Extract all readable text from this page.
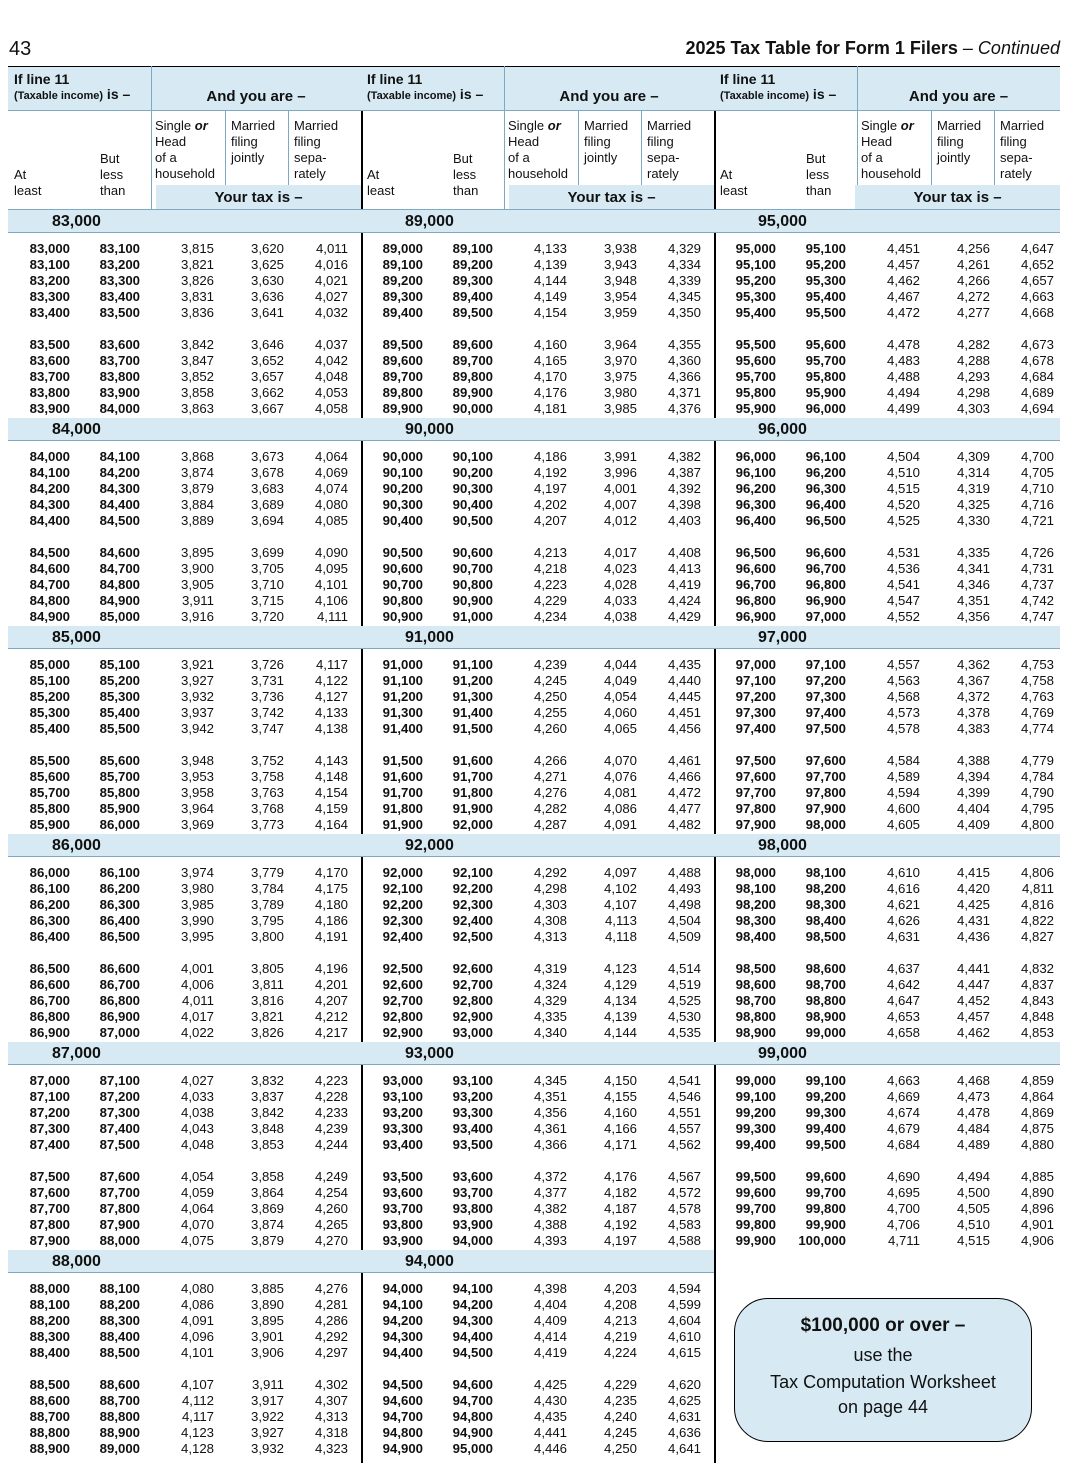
43	2025 Tax Table for Form 1 Filers – Continued
If line 11
(Taxable income) is –	And you are –
At
least
But
less
than
Single or
Head
of a
household
Married
filing
jointly
Married
filing
sepa-
rately
Your tax is –
83,000
83,000	83,100	3,815	3,620	4,011
83,100	83,200	3,821	3,625	4,016
83,200	83,300	3,826	3,630	4,021
83,300	83,400	3,831	3,636	4,027
83,400	83,500	3,836	3,641	4,032
83,500	83,600	3,842	3,646	4,037
83,600	83,700	3,847	3,652	4,042
83,700	83,800	3,852	3,657	4,048
83,800	83,900	3,858	3,662	4,053
83,900	84,000	3,863	3,667	4,058
84,000
84,000	84,100	3,868	3,673	4,064
84,100	84,200	3,874	3,678	4,069
84,200	84,300	3,879	3,683	4,074
84,300	84,400	3,884	3,689	4,080
84,400	84,500	3,889	3,694	4,085
84,500	84,600	3,895	3,699	4,090
84,600	84,700	3,900	3,705	4,095
84,700	84,800	3,905	3,710	4,101
84,800	84,900	3,911	3,715	4,106
84,900	85,000	3,916	3,720	4,111
85,000
85,000	85,100	3,921	3,726	4,117
85,100	85,200	3,927	3,731	4,122
85,200	85,300	3,932	3,736	4,127
85,300	85,400	3,937	3,742	4,133
85,400	85,500	3,942	3,747	4,138
85,500	85,600	3,948	3,752	4,143
85,600	85,700	3,953	3,758	4,148
85,700	85,800	3,958	3,763	4,154
85,800	85,900	3,964	3,768	4,159
85,900	86,000	3,969	3,773	4,164
86,000
86,000	86,100	3,974	3,779	4,170
86,100	86,200	3,980	3,784	4,175
86,200	86,300	3,985	3,789	4,180
86,300	86,400	3,990	3,795	4,186
86,400	86,500	3,995	3,800	4,191
86,500	86,600	4,001	3,805	4,196
86,600	86,700	4,006	3,811	4,201
86,700	86,800	4,011	3,816	4,207
86,800	86,900	4,017	3,821	4,212
86,900	87,000	4,022	3,826	4,217
87,000
87,000	87,100	4,027	3,832	4,223
87,100	87,200	4,033	3,837	4,228
87,200	87,300	4,038	3,842	4,233
87,300	87,400	4,043	3,848	4,239
87,400	87,500	4,048	3,853	4,244
87,500	87,600	4,054	3,858	4,249
87,600	87,700	4,059	3,864	4,254
87,700	87,800	4,064	3,869	4,260
87,800	87,900	4,070	3,874	4,265
87,900	88,000	4,075	3,879	4,270
88,000
88,000	88,100	4,080	3,885	4,276
88,100	88,200	4,086	3,890	4,281
88,200	88,300	4,091	3,895	4,286
88,300	88,400	4,096	3,901	4,292
88,400	88,500	4,101	3,906	4,297
88,500	88,600	4,107	3,911	4,302
88,600	88,700	4,112	3,917	4,307
88,700	88,800	4,117	3,922	4,313
88,800	88,900	4,123	3,927	4,318
88,900	89,000	4,128	3,932	4,323
If line 11
(Taxable income) is –	And you are –
At
least
But
less
than
Single or
Head
of a
household
Married
filing
jointly
Married
filing
sepa-
rately
Your tax is –
89,000
89,000	89,100	4,133	3,938	4,329
89,100	89,200	4,139	3,943	4,334
89,200	89,300	4,144	3,948	4,339
89,300	89,400	4,149	3,954	4,345
89,400	89,500	4,154	3,959	4,350
89,500	89,600	4,160	3,964	4,355
89,600	89,700	4,165	3,970	4,360
89,700	89,800	4,170	3,975	4,366
89,800	89,900	4,176	3,980	4,371
89,900	90,000	4,181	3,985	4,376
90,000
90,000	90,100	4,186	3,991	4,382
90,100	90,200	4,192	3,996	4,387
90,200	90,300	4,197	4,001	4,392
90,300	90,400	4,202	4,007	4,398
90,400	90,500	4,207	4,012	4,403
90,500	90,600	4,213	4,017	4,408
90,600	90,700	4,218	4,023	4,413
90,700	90,800	4,223	4,028	4,419
90,800	90,900	4,229	4,033	4,424
90,900	91,000	4,234	4,038	4,429
91,000
91,000	91,100	4,239	4,044	4,435
91,100	91,200	4,245	4,049	4,440
91,200	91,300	4,250	4,054	4,445
91,300	91,400	4,255	4,060	4,451
91,400	91,500	4,260	4,065	4,456
91,500	91,600	4,266	4,070	4,461
91,600	91,700	4,271	4,076	4,466
91,700	91,800	4,276	4,081	4,472
91,800	91,900	4,282	4,086	4,477
91,900	92,000	4,287	4,091	4,482
92,000
92,000	92,100	4,292	4,097	4,488
92,100	92,200	4,298	4,102	4,493
92,200	92,300	4,303	4,107	4,498
92,300	92,400	4,308	4,113	4,504
92,400	92,500	4,313	4,118	4,509
92,500	92,600	4,319	4,123	4,514
92,600	92,700	4,324	4,129	4,519
92,700	92,800	4,329	4,134	4,525
92,800	92,900	4,335	4,139	4,530
92,900	93,000	4,340	4,144	4,535
93,000
93,000	93,100	4,345	4,150	4,541
93,100	93,200	4,351	4,155	4,546
93,200	93,300	4,356	4,160	4,551
93,300	93,400	4,361	4,166	4,557
93,400	93,500	4,366	4,171	4,562
93,500	93,600	4,372	4,176	4,567
93,600	93,700	4,377	4,182	4,572
93,700	93,800	4,382	4,187	4,578
93,800	93,900	4,388	4,192	4,583
93,900	94,000	4,393	4,197	4,588
94,000
94,000	94,100	4,398	4,203	4,594
94,100	94,200	4,404	4,208	4,599
94,200	94,300	4,409	4,213	4,604
94,300	94,400	4,414	4,219	4,610
94,400	94,500	4,419	4,224	4,615
94,500	94,600	4,425	4,229	4,620
94,600	94,700	4,430	4,235	4,625
94,700	94,800	4,435	4,240	4,631
94,800	94,900	4,441	4,245	4,636
94,900	95,000	4,446	4,250	4,641
If line 11
(Taxable income) is –	And you are –
At
least
But
less
than
Single or
Head
of a
household
Married
filing
jointly
Married
filing
sepa-
rately
Your tax is –
95,000
95,000	95,100	4,451	4,256	4,647
95,100	95,200	4,457	4,261	4,652
95,200	95,300	4,462	4,266	4,657
95,300	95,400	4,467	4,272	4,663
95,400	95,500	4,472	4,277	4,668
95,500	95,600	4,478	4,282	4,673
95,600	95,700	4,483	4,288	4,678
95,700	95,800	4,488	4,293	4,684
95,800	95,900	4,494	4,298	4,689
95,900	96,000	4,499	4,303	4,694
96,000
96,000	96,100	4,504	4,309	4,700
96,100	96,200	4,510	4,314	4,705
96,200	96,300	4,515	4,319	4,710
96,300	96,400	4,520	4,325	4,716
96,400	96,500	4,525	4,330	4,721
96,500	96,600	4,531	4,335	4,726
96,600	96,700	4,536	4,341	4,731
96,700	96,800	4,541	4,346	4,737
96,800	96,900	4,547	4,351	4,742
96,900	97,000	4,552	4,356	4,747
97,000
97,000	97,100	4,557	4,362	4,753
97,100	97,200	4,563	4,367	4,758
97,200	97,300	4,568	4,372	4,763
97,300	97,400	4,573	4,378	4,769
97,400	97,500	4,578	4,383	4,774
97,500	97,600	4,584	4,388	4,779
97,600	97,700	4,589	4,394	4,784
97,700	97,800	4,594	4,399	4,790
97,800	97,900	4,600	4,404	4,795
97,900	98,000	4,605	4,409	4,800
98,000
98,000	98,100	4,610	4,415	4,806
98,100	98,200	4,616	4,420	4,811
98,200	98,300	4,621	4,425	4,816
98,300	98,400	4,626	4,431	4,822
98,400	98,500	4,631	4,436	4,827
98,500	98,600	4,637	4,441	4,832
98,600	98,700	4,642	4,447	4,837
98,700	98,800	4,647	4,452	4,843
98,800	98,900	4,653	4,457	4,848
98,900	99,000	4,658	4,462	4,853
99,000
99,000	99,100	4,663	4,468	4,859
99,100	99,200	4,669	4,473	4,864
99,200	99,300	4,674	4,478	4,869
99,300	99,400	4,679	4,484	4,875
99,400	99,500	4,684	4,489	4,880
99,500	99,600	4,690	4,494	4,885
99,600	99,700	4,695	4,500	4,890
99,700	99,800	4,700	4,505	4,896
99,800	99,900	4,706	4,510	4,901
99,900	100,000	4,711	4,515	4,906
$100,000 or over –
use the
Tax Computation Worksheet
on page 44
